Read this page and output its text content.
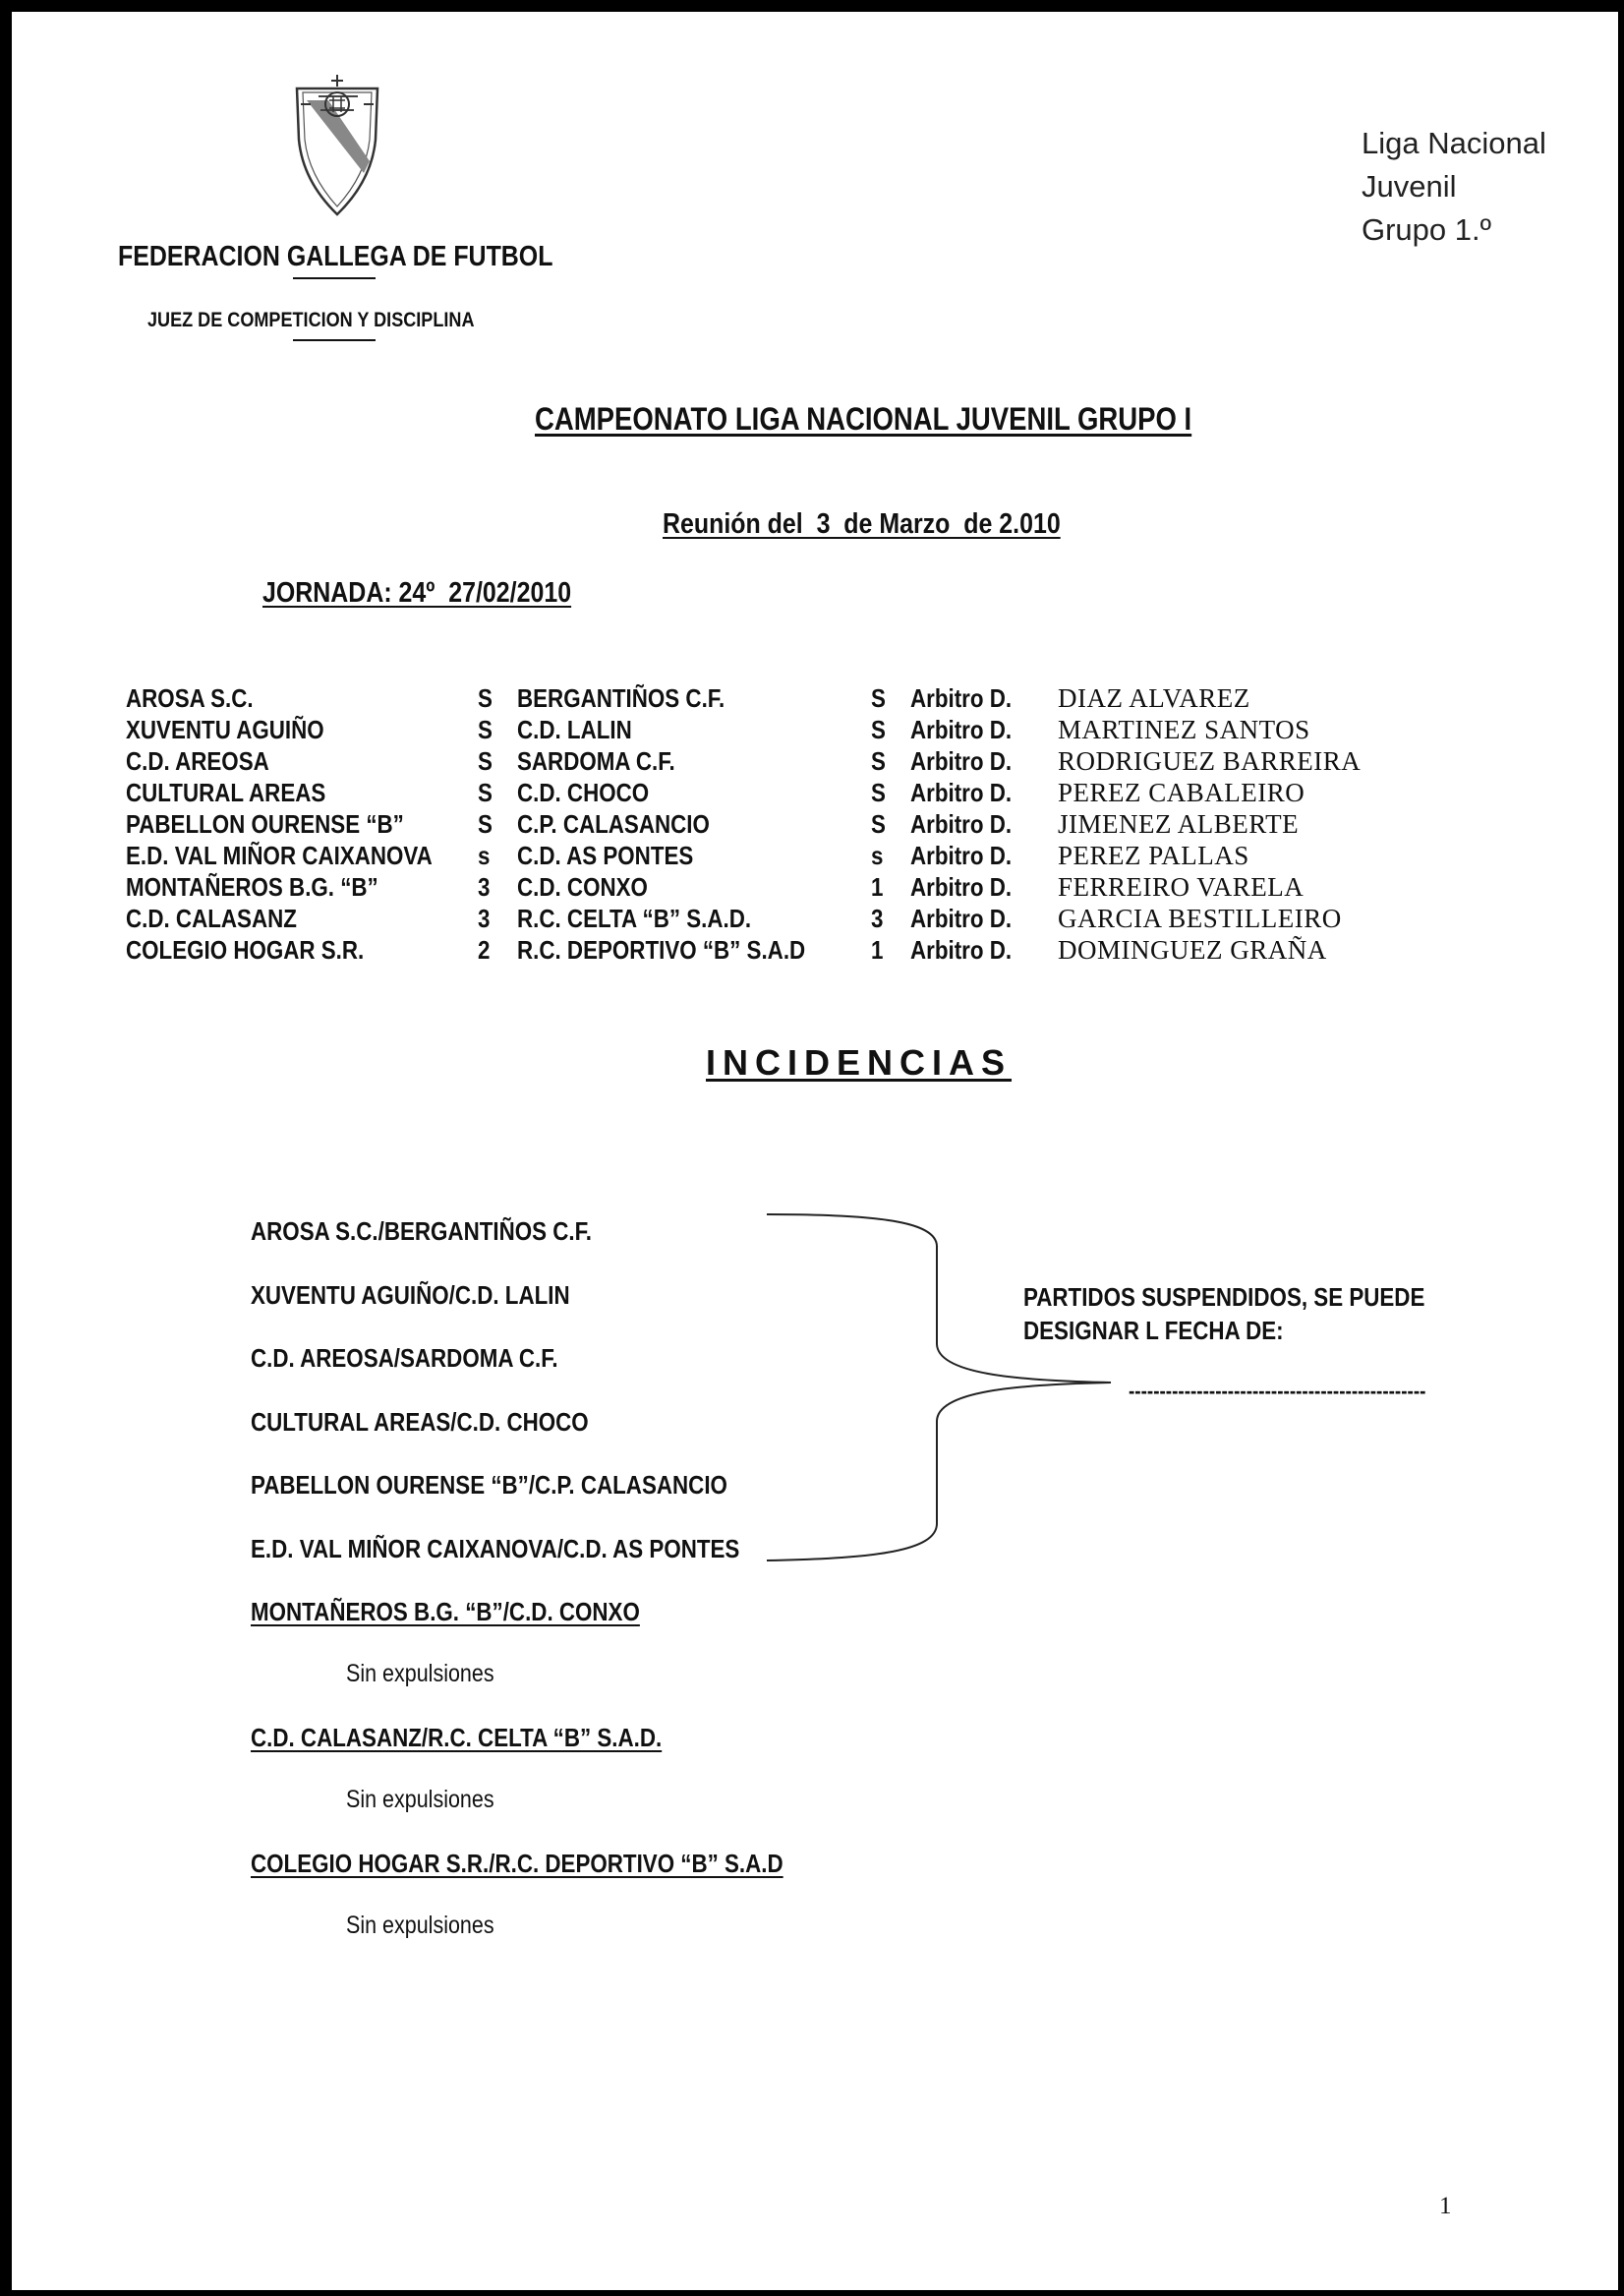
FEDERACION GALLEGA DE FUTBOL
JUEZ DE COMPETICION Y DISCIPLINA
Liga Nacional
Juvenil
Grupo 1.º
CAMPEONATO LIGA NACIONAL JUVENIL GRUPO I
Reunión del  3  de Marzo  de 2.010
JORNADA: 24º  27/02/2010
AROSA S.C.	S BERGANTIÑOS C.F.	S Arbitro D. DIAZ ALVAREZ
XUVENTU AGUIÑO	S C.D. LALIN	S Arbitro D. MARTINEZ SANTOS
C.D. AREOSA	S SARDOMA C.F.	S Arbitro D. RODRIGUEZ BARREIRA
CULTURAL AREAS	S C.D. CHOCO	S Arbitro D. PEREZ CABALEIRO
PABELLON OURENSE “B”	S C.P. CALASANCIO	S Arbitro D. JIMENEZ ALBERTE
E.D. VAL MIÑOR CAIXANOVA s C.D. AS PONTES	s Arbitro D. PEREZ PALLAS
MONTAÑEROS B.G. “B”	3 C.D. CONXO	1 Arbitro D. FERREIRO VARELA
C.D. CALASANZ	3 R.C. CELTA “B” S.A.D.	3 Arbitro D. GARCIA BESTILLEIRO
COLEGIO HOGAR S.R.	2 R.C. DEPORTIVO “B” S.A.D	1 Arbitro D. DOMINGUEZ GRAÑA
INCIDENCIAS
AROSA S.C./BERGANTIÑOS C.F.
XUVENTU AGUIÑO/C.D. LALIN
C.D. AREOSA/SARDOMA C.F.
CULTURAL AREAS/C.D. CHOCO
PABELLON OURENSE “B”/C.P. CALASANCIO
E.D. VAL MIÑOR CAIXANOVA/C.D. AS PONTES
PARTIDOS SUSPENDIDOS, SE PUEDE
DESIGNAR L FECHA DE:
------------------------------------------------
MONTAÑEROS B.G. “B”/C.D. CONXO
Sin expulsiones
C.D. CALASANZ/R.C. CELTA “B” S.A.D.
Sin expulsiones
COLEGIO HOGAR S.R./R.C. DEPORTIVO “B” S.A.D
Sin expulsiones
1
